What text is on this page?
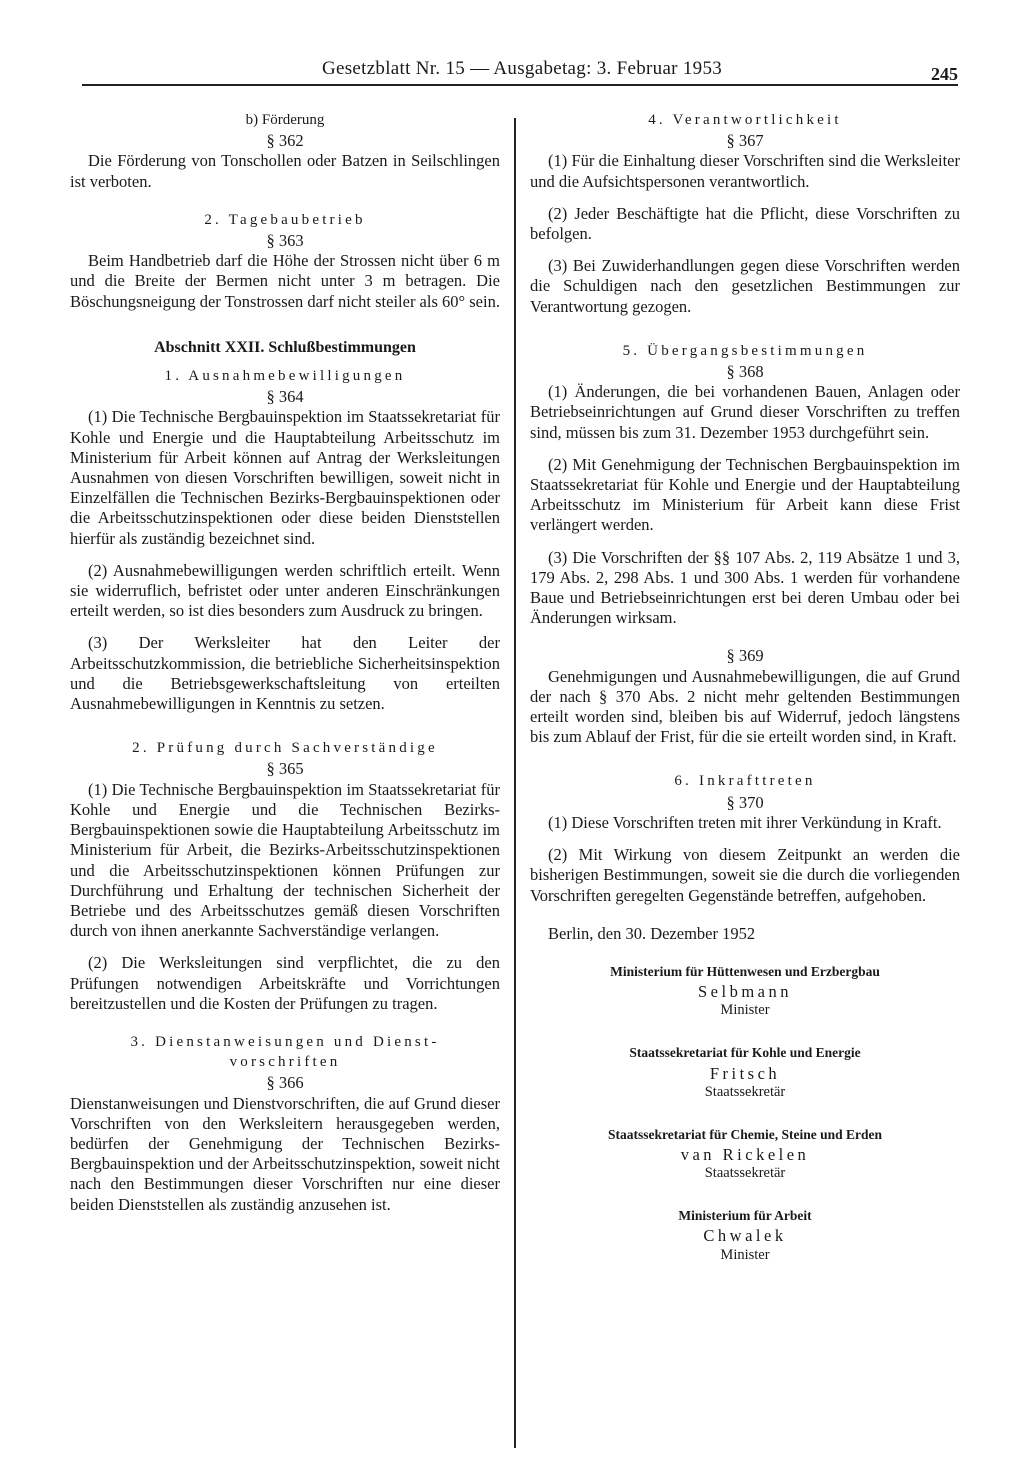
Gesetzblatt Nr. 15 — Ausgabetag: 3. Februar 1953	245

b) Förderung

§ 362

Die Förderung von Tonschollen oder Batzen in Seilschlingen ist verboten.

2. Tagebaubetrieb

§ 363

Beim Handbetrieb darf die Höhe der Strossen nicht über 6 m und die Breite der Bermen nicht unter 3 m betragen. Die Böschungsneigung der Tonstrossen darf nicht steiler als 60° sein.

Abschnitt XXII. Schlußbestimmungen

1. Ausnahmebewilligungen

§ 364

(1) Die Technische Bergbauinspektion im Staatssekretariat für Kohle und Energie und die Hauptabteilung Arbeitsschutz im Ministerium für Arbeit können auf Antrag der Werksleitungen Ausnahmen von diesen Vorschriften bewilligen, soweit nicht in Einzelfällen die Technischen Bezirks-Bergbauinspektionen oder die Arbeitsschutzinspektionen oder diese beiden Dienststellen hierfür als zuständig bezeichnet sind.

(2) Ausnahmebewilligungen werden schriftlich erteilt. Wenn sie widerruflich, befristet oder unter anderen Einschränkungen erteilt werden, so ist dies besonders zum Ausdruck zu bringen.

(3) Der Werksleiter hat den Leiter der Arbeitsschutzkommission, die betriebliche Sicherheitsinspektion und die Betriebsgewerkschaftsleitung von erteilten Ausnahmebewilligungen in Kenntnis zu setzen.

2. Prüfung durch Sachverständige

§ 365

(1) Die Technische Bergbauinspektion im Staatssekretariat für Kohle und Energie und die Technischen Bezirks-Bergbauinspektionen sowie die Hauptabteilung Arbeitsschutz im Ministerium für Arbeit, die Bezirks-Arbeitsschutzinspektionen und die Arbeitsschutzinspektionen können Prüfungen zur Durchführung und Erhaltung der technischen Sicherheit der Betriebe und des Arbeitsschutzes gemäß diesen Vorschriften durch von ihnen anerkannte Sachverständige verlangen.

(2) Die Werksleitungen sind verpflichtet, die zu den Prüfungen notwendigen Arbeitskräfte und Vorrichtungen bereitzustellen und die Kosten der Prüfungen zu tragen.

3. Dienstanweisungen und Dienst-

vorschriften

§ 366

Dienstanweisungen und Dienstvorschriften, die auf Grund dieser Vorschriften von den Werksleitern herausgegeben werden, bedürfen der Genehmigung der Technischen Bezirks-Bergbauinspektion und der Arbeitsschutzinspektion, soweit nicht nach den Bestimmungen dieser Vorschriften nur eine dieser beiden Dienststellen als zuständig anzusehen ist.

4. Verantwortlichkeit

§ 367

(1) Für die Einhaltung dieser Vorschriften sind die Werksleiter und die Aufsichtspersonen verantwortlich.

(2) Jeder Beschäftigte hat die Pflicht, diese Vorschriften zu befolgen.

(3) Bei Zuwiderhandlungen gegen diese Vorschriften werden die Schuldigen nach den gesetzlichen Bestimmungen zur Verantwortung gezogen.

5. Übergangsbestimmungen

§ 368

(1) Änderungen, die bei vorhandenen Bauen, Anlagen oder Betriebseinrichtungen auf Grund dieser Vorschriften zu treffen sind, müssen bis zum 31. Dezember 1953 durchgeführt sein.

(2) Mit Genehmigung der Technischen Bergbauinspektion im Staatssekretariat für Kohle und Energie und der Hauptabteilung Arbeitsschutz im Ministerium für Arbeit kann diese Frist verlängert werden.

(3) Die Vorschriften der §§ 107 Abs. 2, 119 Absätze 1 und 3, 179 Abs. 2, 298 Abs. 1 und 300 Abs. 1 werden für vorhandene Baue und Betriebseinrichtungen erst bei deren Umbau oder bei Änderungen wirksam.

§ 369

Genehmigungen und Ausnahmebewilligungen, die auf Grund der nach § 370 Abs. 2 nicht mehr geltenden Bestimmungen erteilt worden sind, bleiben bis auf Widerruf, jedoch längstens bis zum Ablauf der Frist, für die sie erteilt worden sind, in Kraft.

6. Inkrafttreten

§ 370

(1) Diese Vorschriften treten mit ihrer Verkündung in Kraft.

(2) Mit Wirkung von diesem Zeitpunkt an werden die bisherigen Bestimmungen, soweit sie die durch die vorliegenden Vorschriften geregelten Gegenstände betreffen, aufgehoben.

Berlin, den 30. Dezember 1952

Ministerium für Hüttenwesen und Erzbergbau

Selbmann

Minister

Staatssekretariat für Kohle und Energie

Fritsch

Staatssekretär

Staatssekretariat für Chemie, Steine und Erden

van Rickelen

Staatssekretär

Ministerium für Arbeit

Chwalek

Minister
